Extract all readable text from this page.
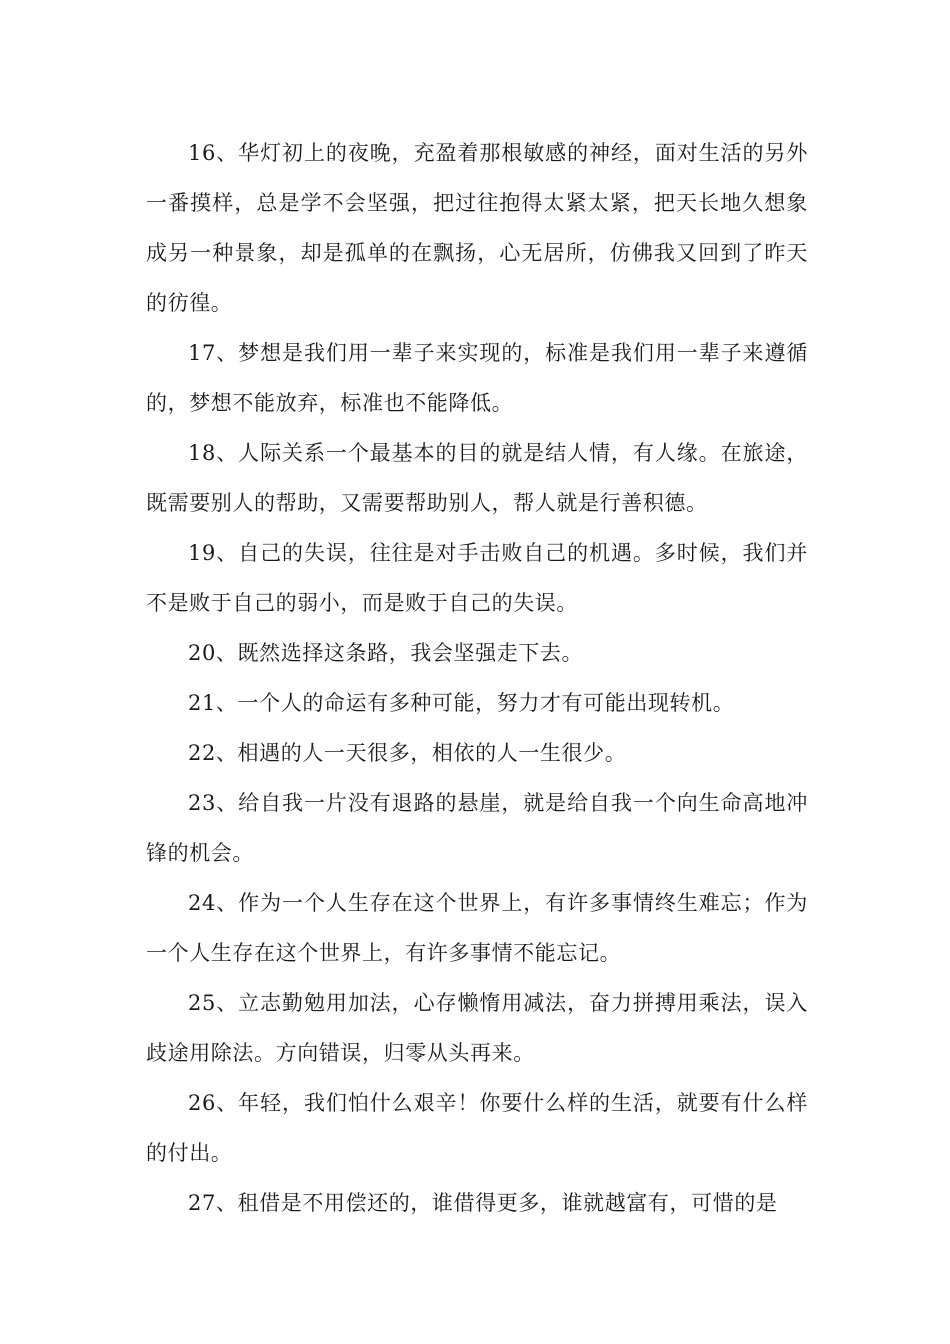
16、华灯初上的夜晚，充盈着那根敏感的神经，面对生活的另外一番摸样，总是学不会坚强，把过往抱得太紧太紧，把天长地久想象成另一种景象，却是孤单的在飘扬，心无居所，仿佛我又回到了昨天的彷徨。

17、梦想是我们用一辈子来实现的，标准是我们用一辈子来遵循的，梦想不能放弃，标准也不能降低。

18、人际关系一个最基本的目的就是结人情，有人缘。在旅途，既需要别人的帮助，又需要帮助别人，帮人就是行善积德。

19、自己的失误，往往是对手击败自己的机遇。多时候，我们并不是败于自己的弱小，而是败于自己的失误。

20、既然选择这条路，我会坚强走下去。

21、一个人的命运有多种可能，努力才有可能出现转机。

22、相遇的人一天很多，相依的人一生很少。

23、给自我一片没有退路的悬崖，就是给自我一个向生命高地冲锋的机会。

24、作为一个人生存在这个世界上，有许多事情终生难忘；作为一个人生存在这个世界上，有许多事情不能忘记。

25、立志勤勉用加法，心存懒惰用减法，奋力拼搏用乘法，误入歧途用除法。方向错误，归零从头再来。

26、年轻，我们怕什么艰辛！你要什么样的生活，就要有什么样的付出。

27、租借是不用偿还的，谁借得更多，谁就越富有，可惜的是
